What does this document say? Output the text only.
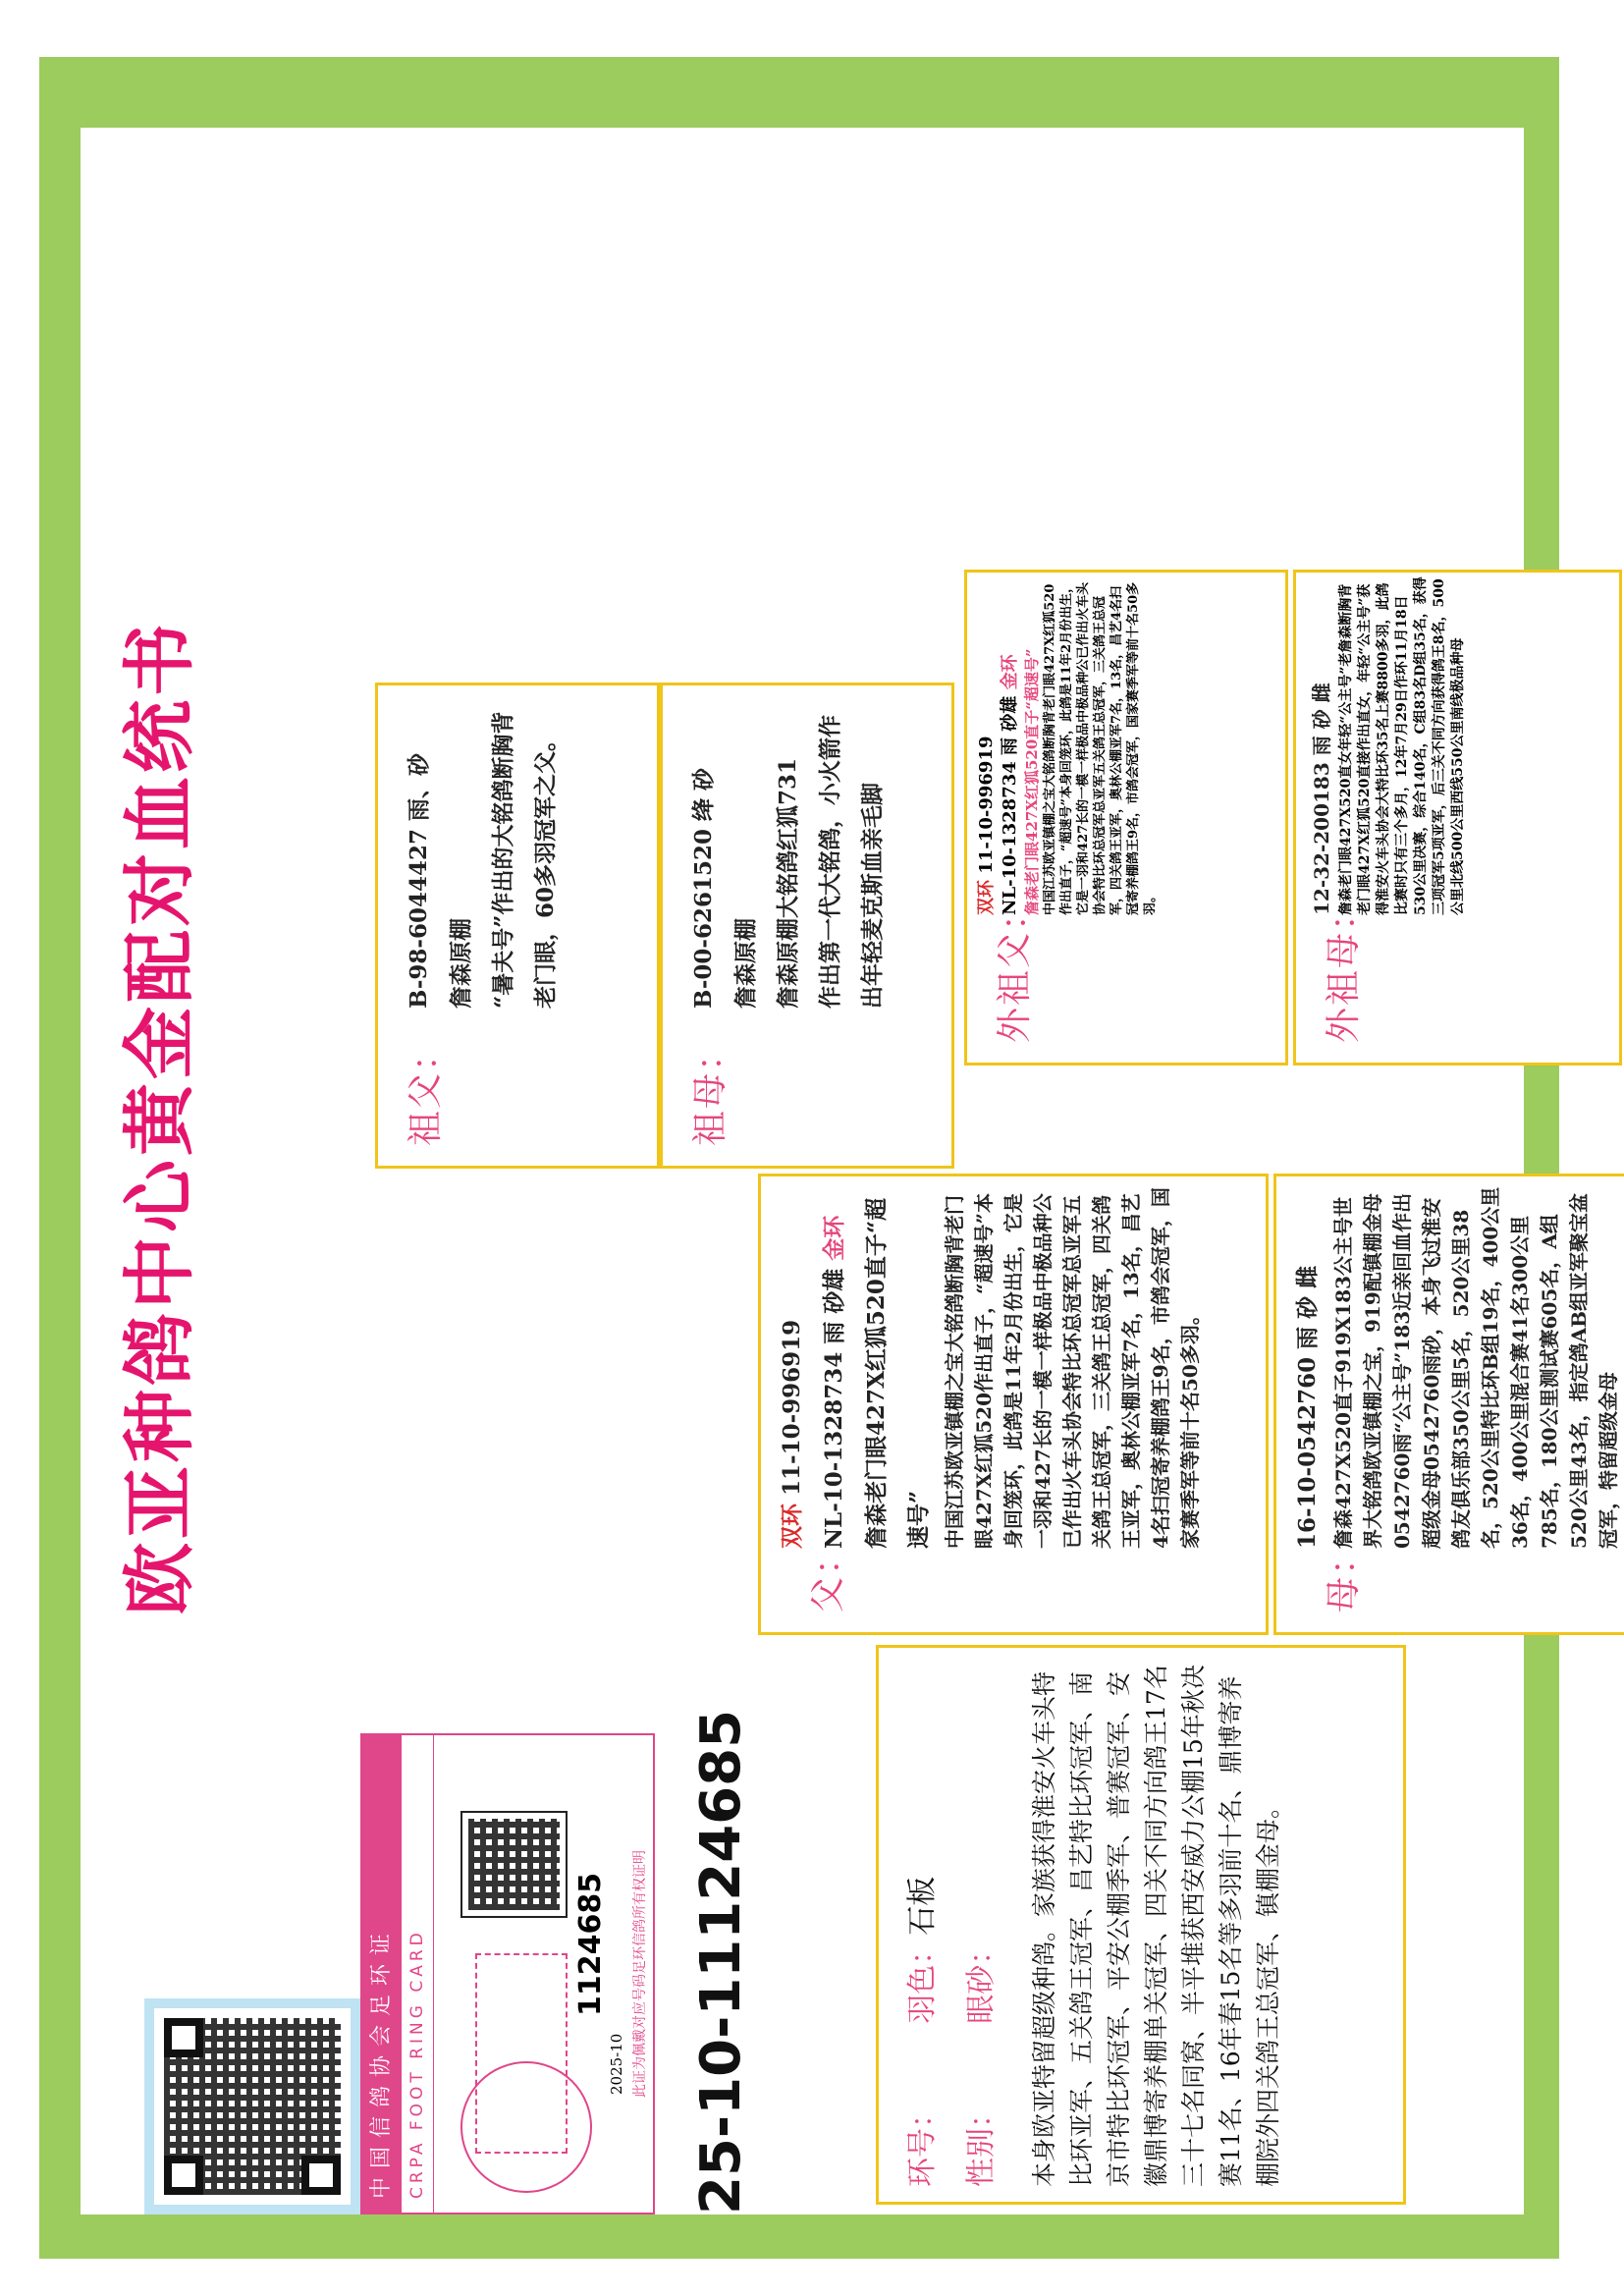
欧亚种鸽中心黄金配对血统书	父：
双环 11-10-996919 NL-10-1328734 雨 砂雄 金环 詹森老门眼427X红狐520直子“超速号” 中国江苏欧亚镇棚之宝大铭鸽断胸背老门眼427X红狐520作出直子，“超速号”本身回笼环，此鸽是11年2月份出生，它是一羽和427长的一模一样极品中极品种公已作出火车头协会特比环总冠军总亚军五关鸽王总冠军，三关鸽王总冠军，四关鸽王亚军，奥林公棚亚军7名，13名，昌艺4名扫冠寄养棚鸽王9名，市鸽会冠军，国家赛季军等前十名50多羽。
母：
16-10-0542760 雨 砂 雌 詹森427X520直子919X183公主号世界大铭鸽欧亚镇棚之宝，919配镇棚金母0542760雨“公主号”183近亲回血作出超级金母0542760雨砂，本身飞过淮安鸽友俱乐部350公里5名，520公里38名，520公里特比环B组19名，400公里36名，400公里混合赛41名300公里785名，180公里测试赛605名，A组520公里43名，指定鸽AB组亚军聚宝盆冠军，特留超级金母
祖父：
B-98-6044427 雨、砂
詹森原棚 “暑夫号”作出的大铭鸽断胸背老门眼，60多羽冠军之父。
祖母：
B-00-6261520 绛 砂
詹森原棚 詹森原棚大铭鸽红狐731 作出第一代大铭鸽，小火箭作 出年轻麦克斯血亲毛脚	外祖父：
双环 11-10-996919 NL-10-1328734 雨 砂雄 金环 詹森老门眼427X红狐520直子“超速号” 中国江苏欧亚镇棚之宝大铭鸽断胸背老门眼427X红狐520作出直子，“超速号”本身回笼环，此鸽是11年2月份出生，它是一羽和427长的一模一样极品中极品种公已作出火车头协会特比环总冠军总亚军五关鸽王总冠军，三关鸽王总冠军，四关鸽王亚军，奥林公棚亚军7名，13名，昌艺4名扫冠寄养棚鸽王9名，市鸽会冠军，国家赛季军等前十名50多羽。	外祖母：
12-32-200183 雨 砂 雌 詹森老门眼427X520直女年轻“公主号”老詹森断胸背老门眼427X红狐520直接作出直女，年轻“公主号”获得淮安火车头协会大特比环35名上赛8800多羽，此鸽比赛时只有三个多月，12年7月29日作环11月18日530公里决赛，综合140名，C组83名D组35名，获得三项冠军5项亚军，后三关不同方向获得鸽王8名，500公里北线500公里西线550公里南线极品种母
环号：        羽色：石板
性别：        眼砂：	本身欧亚特留超级种鸽。家族获得淮安火车头特比环亚军、五关鸽王冠军、昌艺特比环冠军、南京市特比环冠军、平安公棚季军、普赛冠军、安徽鼎博寄养棚单关冠军、四关不同方向鸽王17名三十七名同窝、半平堆获西安威力公棚15年秋决赛11名、16年春15名等多羽前十名、鼎博寄养棚院外四关鸽王总冠军、镇棚金母。
25-10-11124685
中国信鸽协会足环证 CRPA FOOT RING CARD	1124685
2025-10 此证为佩戴对应号码足环信鸽所有权证明
